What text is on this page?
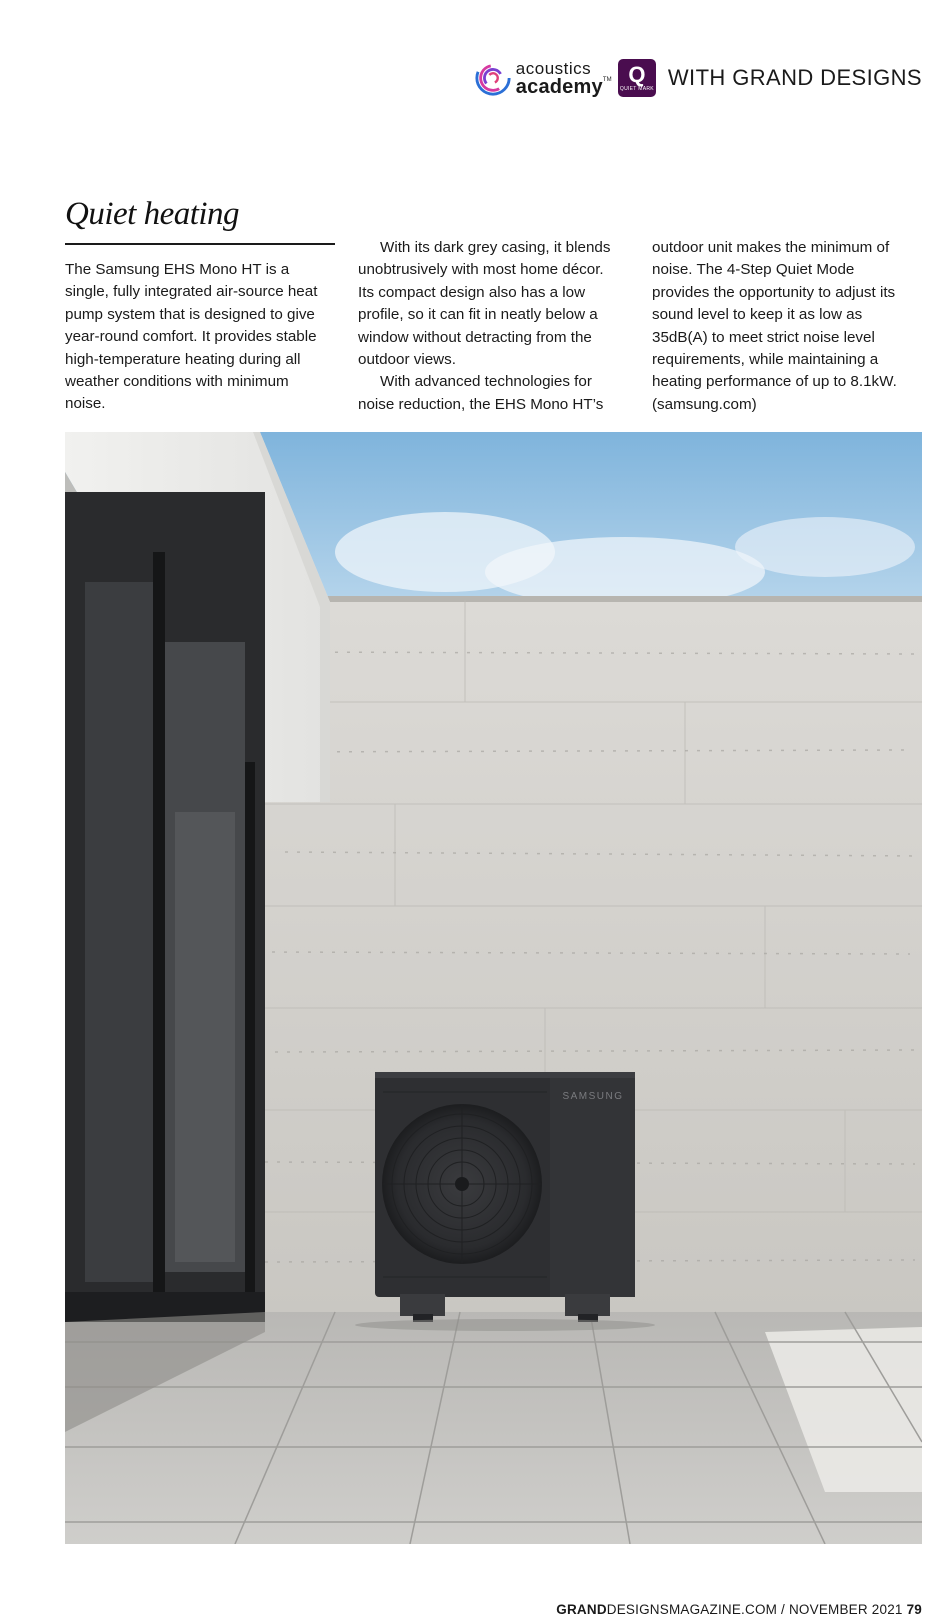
acoustics
academy™ Q
QUIET MARK WITH GRAND DESIGNS
Quiet heating

The Samsung EHS Mono HT is a single, fully integrated air-source heat pump system that is designed to give year-round comfort. It provides stable high-temperature heating during all weather conditions with minimum noise.

With its dark grey casing, it blends unobtrusively with most home décor. Its compact design also has a low profile, so it can fit in neatly below a window without detracting from the outdoor views.

With advanced technologies for noise reduction, the EHS Mono HT’s

outdoor unit makes the minimum of noise. The 4-Step Quiet Mode provides the opportunity to adjust its sound level to keep it as low as 35dB(A) to meet strict noise level requirements, while maintaining a heating performance of up to 8.1kW. (samsung.com)

SAMSUNG
GRANDDESIGNSMAGAZINE.COM / NOVEMBER 2021 79
